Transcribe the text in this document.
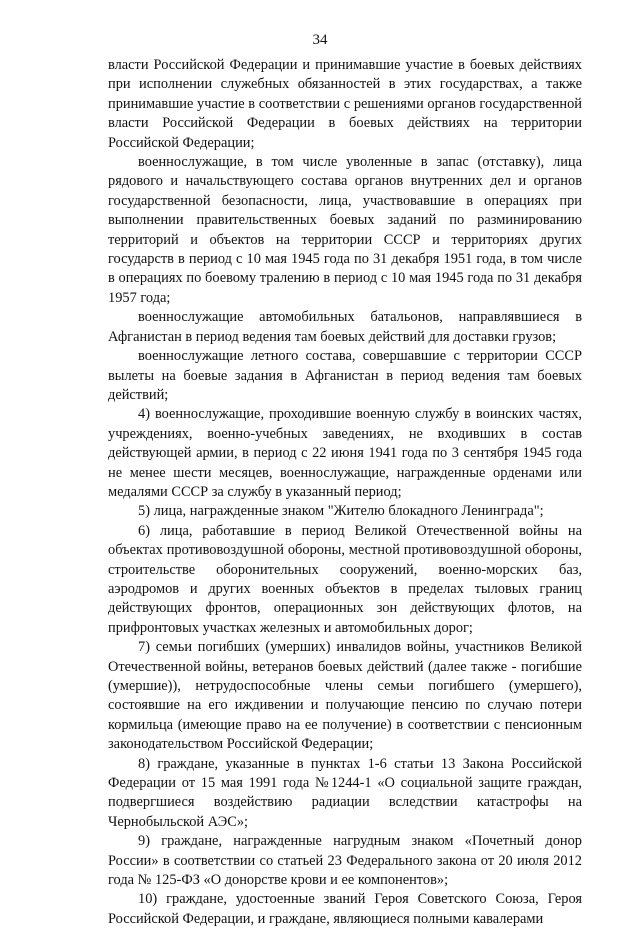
34

власти Российской Федерации и принимавшие участие в боевых действиях при исполнении служебных обязанностей в этих государствах, а также принимавшие участие в соответствии с решениями органов государственной власти Российской Федерации в боевых действиях на территории Российской Федерации;

военнослужащие, в том числе уволенные в запас (отставку), лица рядового и начальствующего состава органов внутренних дел и органов государственной безопасности, лица, участвовавшие в операциях при выполнении правительственных боевых заданий по разминированию территорий и объектов на территории СССР и территориях других государств в период с 10 мая 1945 года по 31 декабря 1951 года, в том числе в операциях по боевому тралению в период с 10 мая 1945 года по 31 декабря 1957 года;

военнослужащие автомобильных батальонов, направлявшиеся в Афганистан в период ведения там боевых действий для доставки грузов;

военнослужащие летного состава, совершавшие с территории СССР вылеты на боевые задания в Афганистан в период ведения там боевых действий;

4) военнослужащие, проходившие военную службу в воинских частях, учреждениях, военно-учебных заведениях, не входивших в состав действующей армии, в период с 22 июня 1941 года по 3 сентября 1945 года не менее шести месяцев, военнослужащие, награжденные орденами или медалями СССР за службу в указанный период;

5) лица, награжденные знаком "Жителю блокадного Ленинграда";

6) лица, работавшие в период Великой Отечественной войны на объектах противовоздушной обороны, местной противовоздушной обороны, строительстве оборонительных сооружений, военно-морских баз, аэродромов и других военных объектов в пределах тыловых границ действующих фронтов, операционных зон действующих флотов, на прифронтовых участках железных и автомобильных дорог;

7) семьи погибших (умерших) инвалидов войны, участников Великой Отечественной войны, ветеранов боевых действий (далее также - погибшие (умершие)), нетрудоспособные члены семьи погибшего (умершего), состоявшие на его иждивении и получающие пенсию по случаю потери кормильца (имеющие право на ее получение) в соответствии с пенсионным законодательством Российской Федерации;

8) граждане, указанные в пунктах 1-6 статьи 13 Закона Российской Федерации от 15 мая 1991 года №1244-1 «О социальной защите граждан, подвергшиеся воздействию радиации вследствии катастрофы на Чернобыльской АЭС»;

9) граждане, награжденные нагрудным знаком «Почетный донор России» в соответствии со статьей 23 Федерального закона от 20 июля 2012 года № 125-ФЗ «О донорстве крови и ее компонентов»;

10) граждане, удостоенные званий Героя Советского Союза, Героя Российской Федерации, и граждане, являющиеся полными кавалерами
